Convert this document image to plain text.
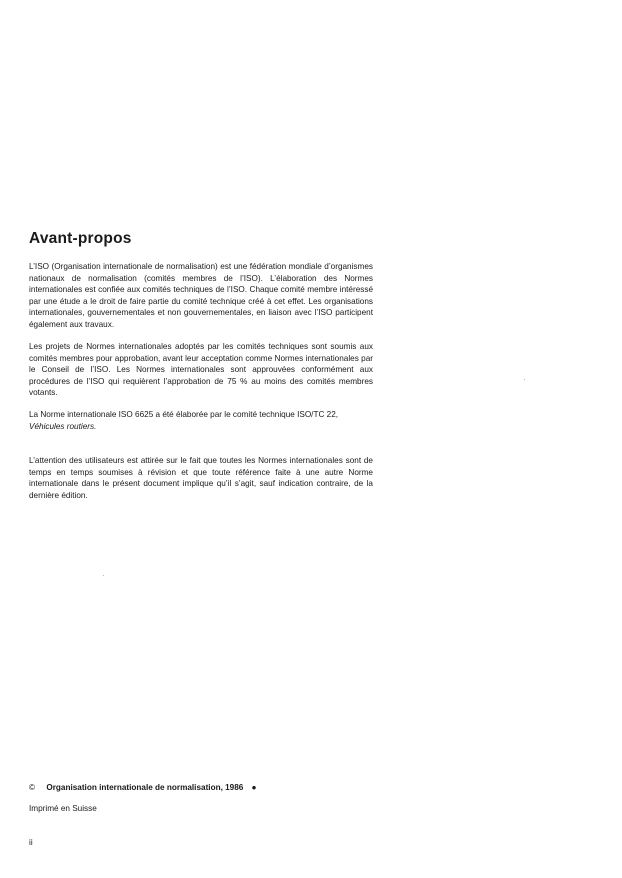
Avant-propos

L’ISO (Organisation internationale de normalisation) est une fédération mondiale d’organismes nationaux de normalisation (comités membres de l’ISO). L’élaboration des Normes internationales est confiée aux comités techniques de l’ISO. Chaque comité membre intéressé par une étude a le droit de faire partie du comité technique créé à cet effet. Les organisations internationales, gouvernementales et non gouvernementales, en liaison avec l’ISO participent également aux travaux.

Les projets de Normes internationales adoptés par les comités techniques sont soumis aux comités membres pour approbation, avant leur acceptation comme Normes internationales par le Conseil de l’ISO. Les Normes internationales sont approuvées conformément aux procédures de l’ISO qui requièrent l’approbation de 75 % au moins des comités membres votants.

La Norme internationale ISO 6625 a été élaborée par le comité technique ISO/TC 22,
Véhicules routiers.

L’attention des utilisateurs est attirée sur le fait que toutes les Normes internationales sont de temps en temps soumises à révision et que toute référence faite à une autre Norme internationale dans le présent document implique qu’il s’agit, sauf indication contraire, de la dernière édition.

© Organisation internationale de normalisation, 1986 ●
Imprimé en Suisse
ii
